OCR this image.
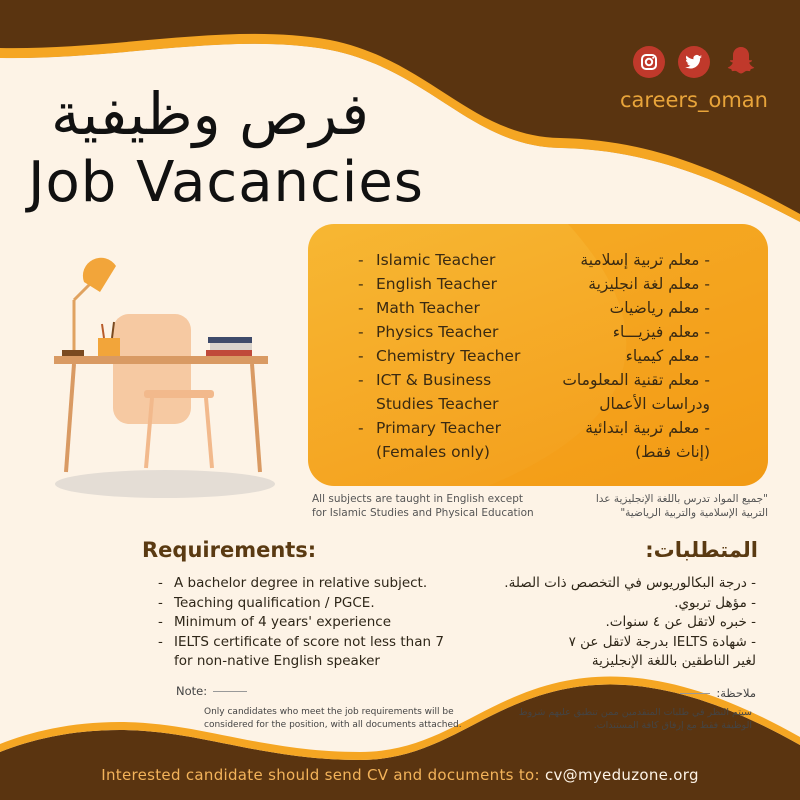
فرص وظيفية
Job Vacancies
careers_oman
- Islamic Teacher
- English Teacher
- Math Teacher
- Physics Teacher
- Chemistry Teacher
- ICT & Business
Studies Teacher
- Primary Teacher
(Females only)
- معلم تربية إسلامية
- معلم لغة انجليزية
- معلم رياضيات
- معلم فيزيـــاء
- معلم كيمياء
- معلم تقنية المعلومات
ودراسات الأعمال
- معلم تربية ابتدائية
(إناث فقط)
All subjects are taught in English except
for Islamic Studies and Physical Education
"جميع المواد تدرس باللغة الإنجليزية عدا
التربية الإسلامية والتربية الرياضية"
Requirements:	المتطلبات:
- A bachelor degree in relative subject.
- Teaching qualification / PGCE.
- Minimum of 4 years' experience
- IELTS certificate of score not less than 7
for non-native English speaker
- درجة البكالوريوس في التخصص ذات الصلة.
- مؤهل تربوي.
- خبره لاتقل عن ٤ سنوات.
- شهادة IELTS بدرجة لاتقل عن ٧
لغير الناطقين باللغة الإنجليزية
Note:	ملاحظة:
Only candidates who meet the job requirements will be
considered for the position, with all documents attached.
سيتم النظر في طلبات المتقدمين ممن تنطبق عليهم شروط
الوظيفة فقط مع إرفاق كافة المستندات.
Interested candidate should send CV and documents to: cv@myeduzone.org
